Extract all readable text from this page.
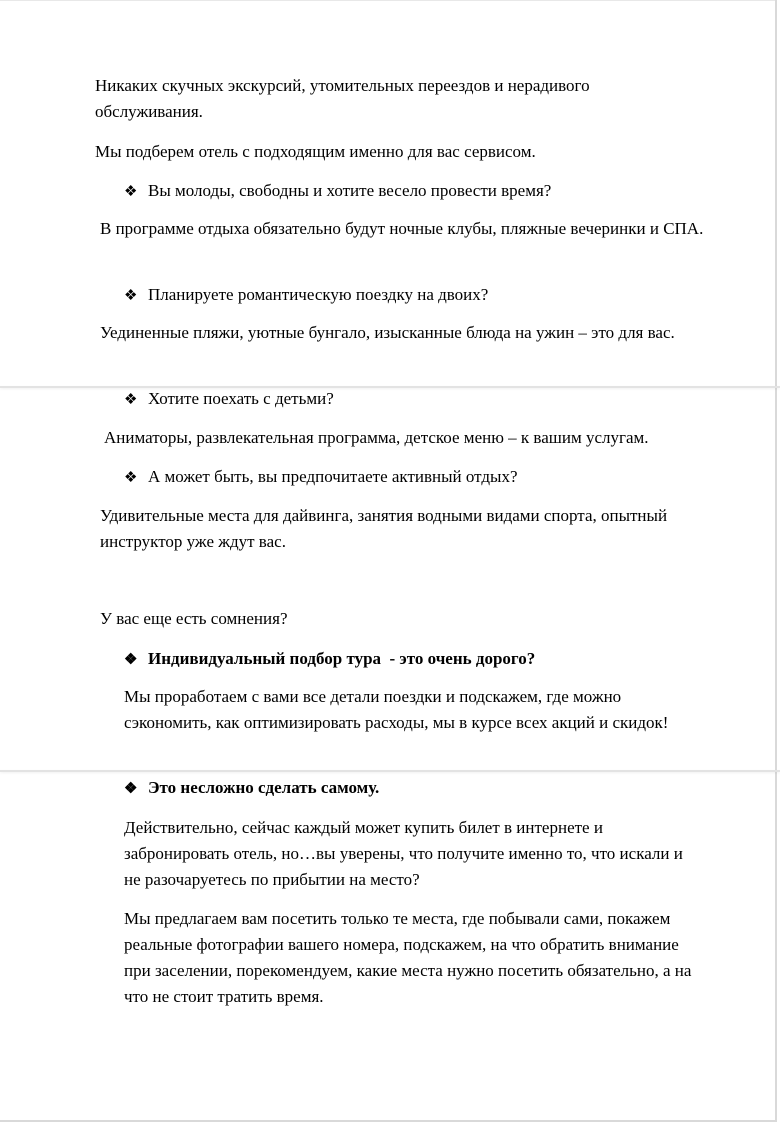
Никаких скучных экскурсий, утомительных переездов и нерадивого обслуживания.

Мы подберем отель с подходящим именно для вас сервисом.

❖ Вы молоды, свободны и хотите весело провести время?

В программе отдыха обязательно будут ночные клубы, пляжные вечеринки и СПА.

❖ Планируете романтическую поездку на двоих?

Уединенные пляжи, уютные бунгало, изысканные блюда на ужин – это для вас.

❖ Хотите поехать с детьми?

Аниматоры, развлекательная программа, детское меню – к вашим услугам.

❖ А может быть, вы предпочитаете активный отдых?

Удивительные места для дайвинга, занятия водными видами спорта, опытный инструктор уже ждут вас.

У вас еще есть сомнения?

❖ Индивидуальный подбор тура  - это очень дорого?

Мы проработаем с вами все детали поездки и подскажем, где можно сэкономить, как оптимизировать расходы, мы в курсе всех акций и скидок!

❖ Это несложно сделать самому.

Действительно, сейчас каждый может купить билет в интернете и забронировать отель, но…вы уверены, что получите именно то, что искали и не разочаруетесь по прибытии на место?

Мы предлагаем вам посетить только те места, где побывали сами, покажем реальные фотографии вашего номера, подскажем, на что обратить внимание при заселении, порекомендуем, какие места нужно посетить обязательно, а на что не стоит тратить время.
